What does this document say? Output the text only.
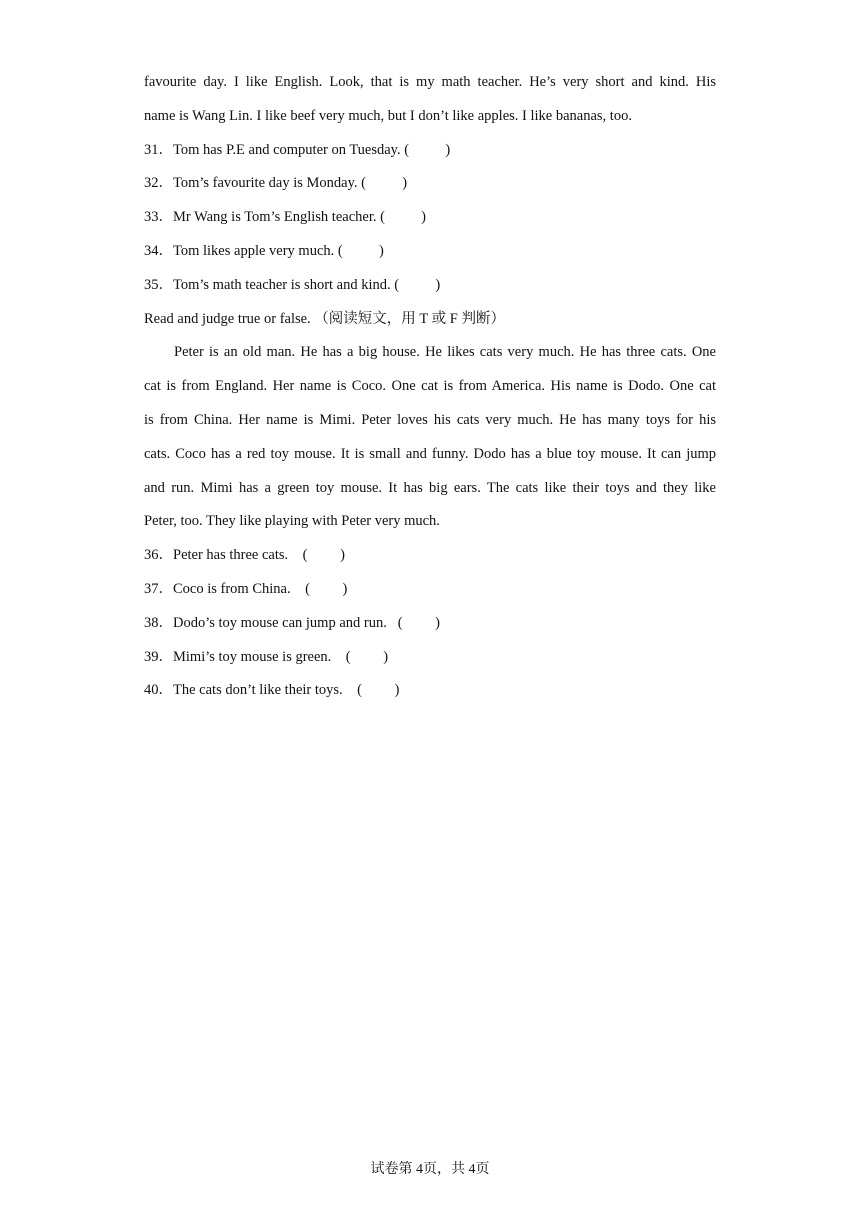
favourite day. I like English. Look, that is my math teacher. He’s very short and kind. His
name is Wang Lin. I like beef very much, but I don’t like apples. I like bananas, too.
31．Tom has P.E and computer on Tuesday. (          )
32．Tom’s favourite day is Monday. (          )
33．Mr Wang is Tom’s English teacher. (          )
34．Tom likes apple very much. (          )
35．Tom’s math teacher is short and kind. (          )
Read and judge true or false. （阅读短文，用 T 或 F 判断）
Peter is an old man. He has a big house. He likes cats very much. He has three cats. One
cat is from England. Her name is Coco. One cat is from America. His name is Dodo. One cat
is from China. Her name is Mimi. Peter loves his cats very much. He has many toys for his
cats. Coco has a red toy mouse. It is small and funny. Dodo has a blue toy mouse. It can jump
and run. Mimi has a green toy mouse. It has big ears. The cats like their toys and they like
Peter, too. They like playing with Peter very much.
36．Peter has three cats.    (         )
37．Coco is from China.    (         )
38．Dodo’s toy mouse can jump and run.   (         )
39．Mimi’s toy mouse is green.    (         )
40．The cats don’t like their toys.    (         )
试卷第 4页，共 4页
